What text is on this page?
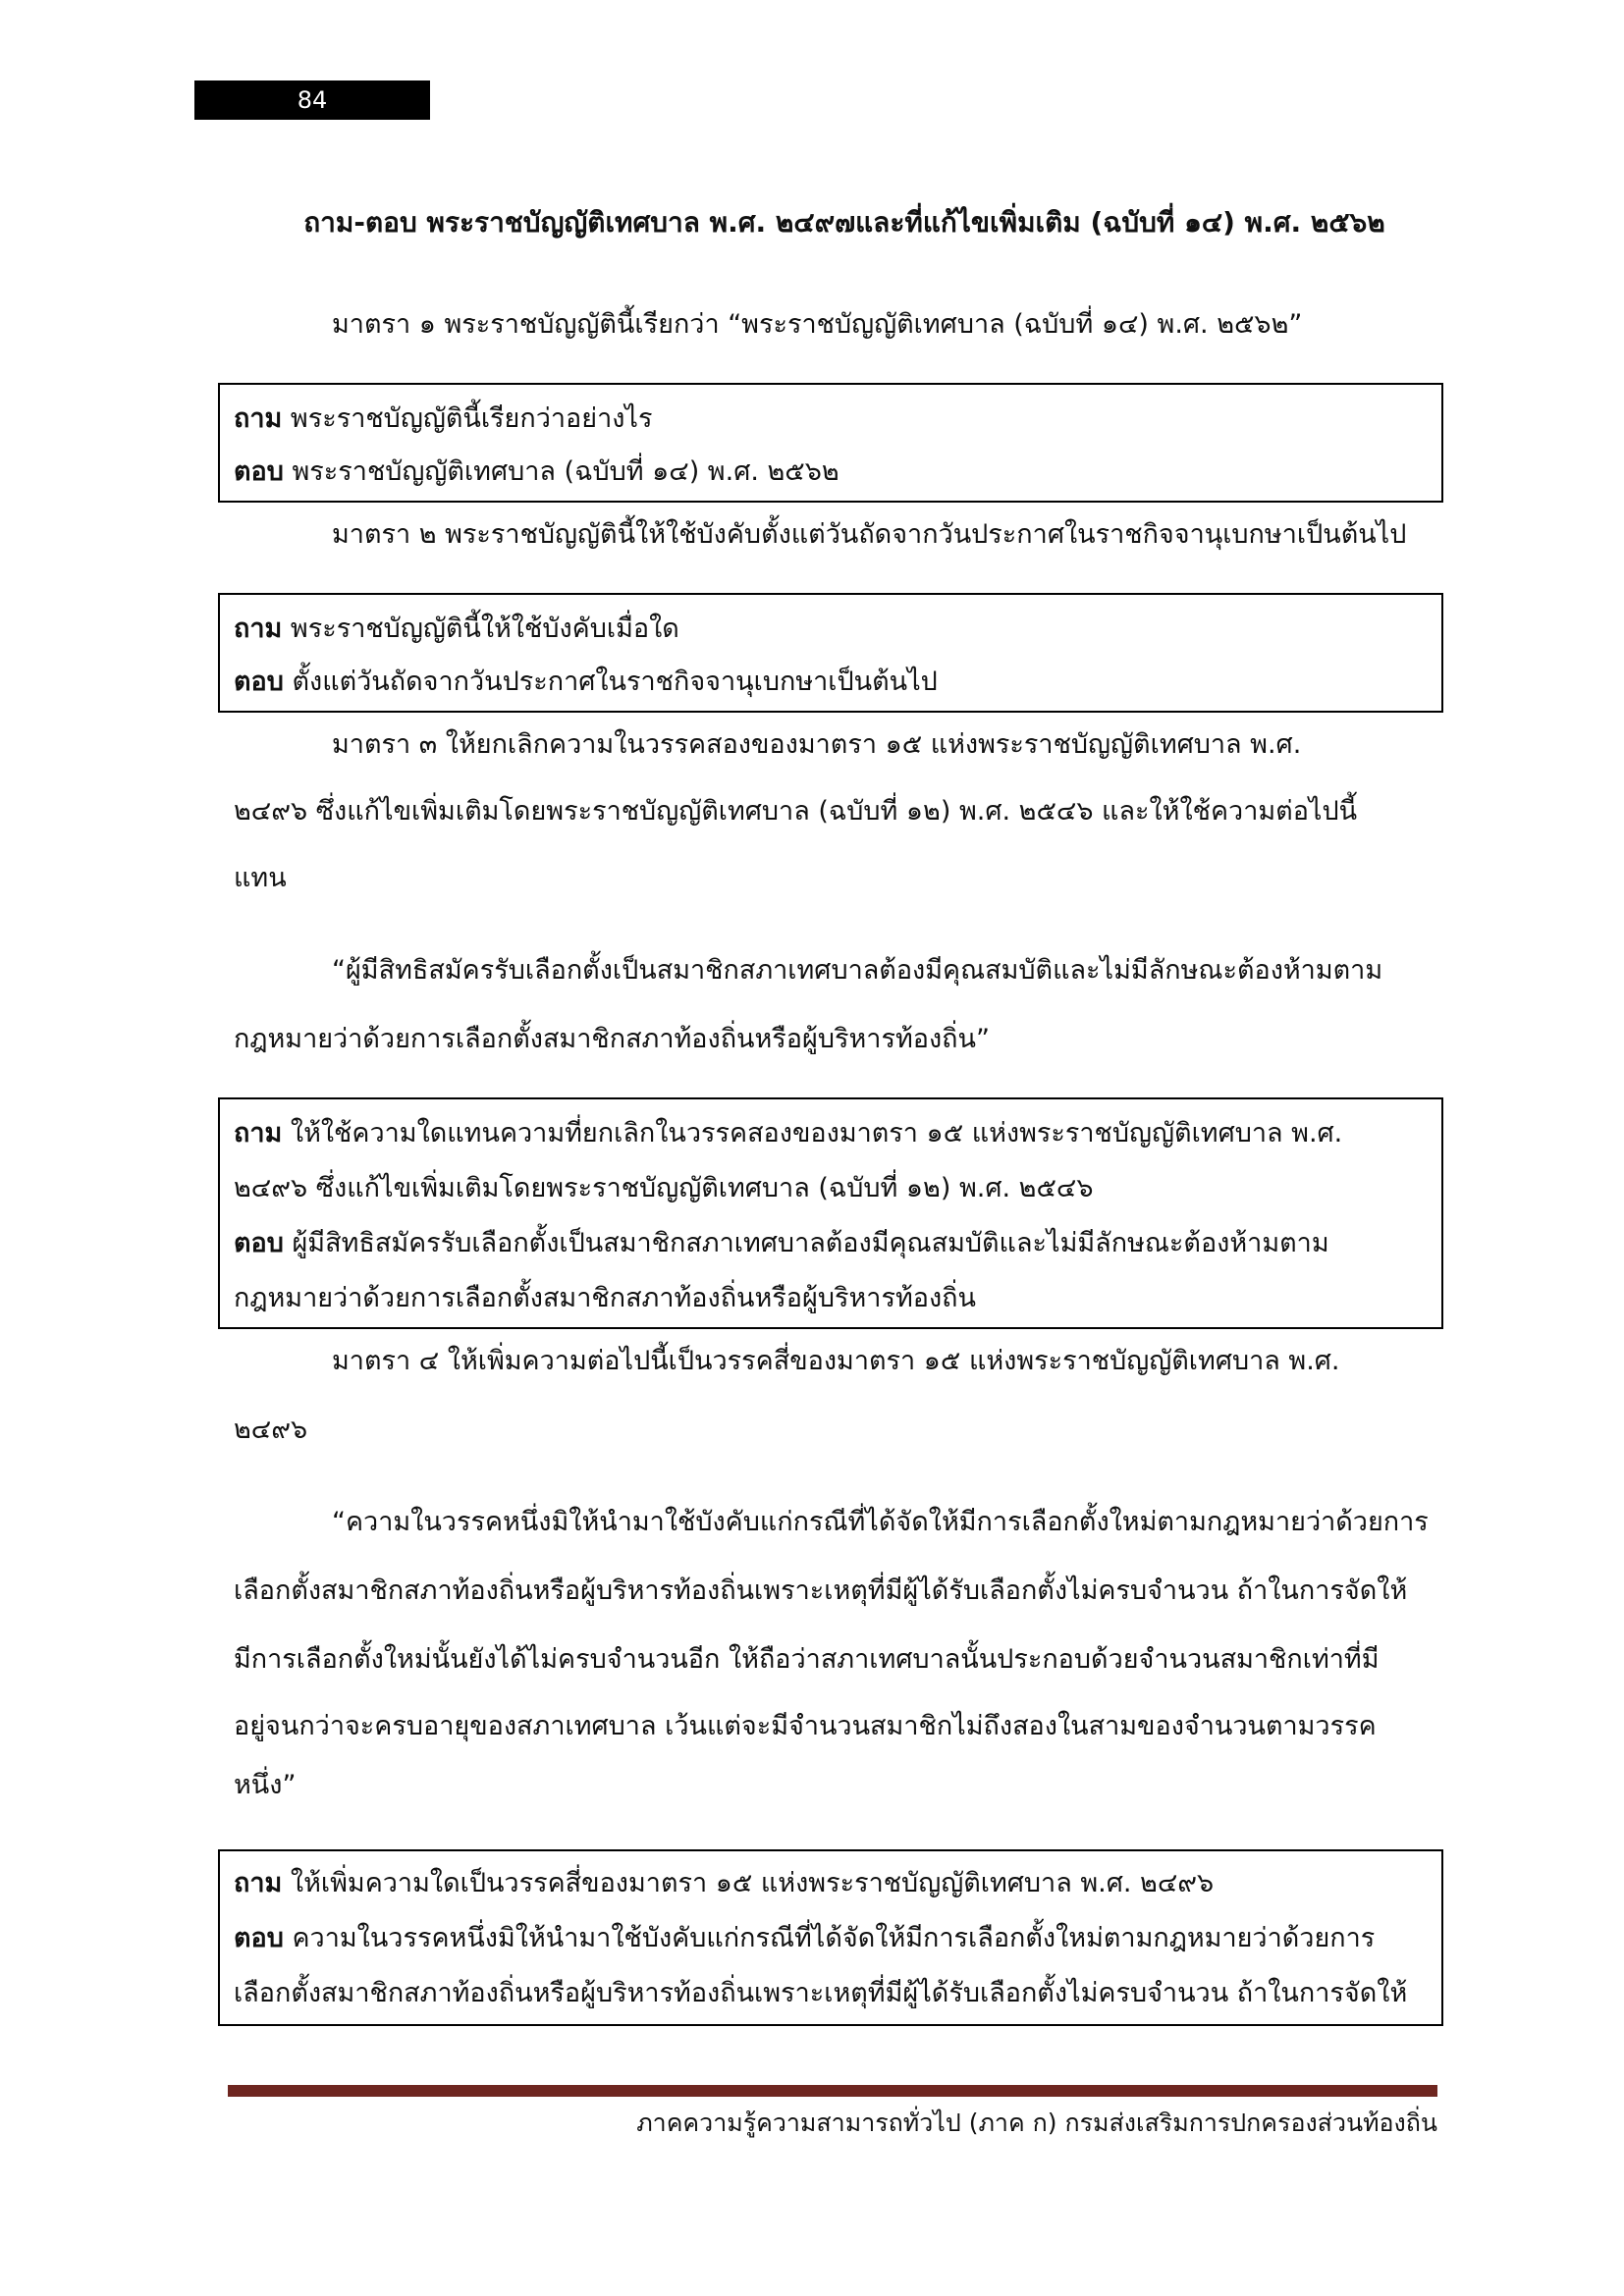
84
ถาม-ตอบ พระราชบัญญัติเทศบาล พ.ศ. ๒๔๙๗และที่แก้ไขเพิ่มเติม (ฉบับที่ ๑๔) พ.ศ. ๒๕๖๒
มาตรา ๑ พระราชบัญญัตินี้เรียกว่า “พระราชบัญญัติเทศบาล (ฉบับที่ ๑๔) พ.ศ. ๒๕๖๒”
ถาม พระราชบัญญัตินี้เรียกว่าอย่างไร
ตอบ พระราชบัญญัติเทศบาล (ฉบับที่ ๑๔) พ.ศ. ๒๕๖๒
มาตรา ๒ พระราชบัญญัตินี้ให้ใช้บังคับตั้งแต่วันถัดจากวันประกาศในราชกิจจานุเบกษาเป็นต้นไป
ถาม พระราชบัญญัตินี้ให้ใช้บังคับเมื่อใด
ตอบ ตั้งแต่วันถัดจากวันประกาศในราชกิจจานุเบกษาเป็นต้นไป
มาตรา ๓ ให้ยกเลิกความในวรรคสองของมาตรา ๑๕ แห่งพระราชบัญญัติเทศบาล พ.ศ.
๒๔๙๖ ซึ่งแก้ไขเพิ่มเติมโดยพระราชบัญญัติเทศบาล (ฉบับที่ ๑๒) พ.ศ. ๒๕๔๖ และให้ใช้ความต่อไปนี้
แทน
“ผู้มีสิทธิสมัครรับเลือกตั้งเป็นสมาชิกสภาเทศบาลต้องมีคุณสมบัติและไม่มีลักษณะต้องห้ามตาม
กฎหมายว่าด้วยการเลือกตั้งสมาชิกสภาท้องถิ่นหรือผู้บริหารท้องถิ่น”
ถาม ให้ใช้ความใดแทนความที่ยกเลิกในวรรคสองของมาตรา ๑๕ แห่งพระราชบัญญัติเทศบาล พ.ศ.
๒๔๙๖ ซึ่งแก้ไขเพิ่มเติมโดยพระราชบัญญัติเทศบาล (ฉบับที่ ๑๒) พ.ศ. ๒๕๔๖
ตอบ ผู้มีสิทธิสมัครรับเลือกตั้งเป็นสมาชิกสภาเทศบาลต้องมีคุณสมบัติและไม่มีลักษณะต้องห้ามตาม
กฎหมายว่าด้วยการเลือกตั้งสมาชิกสภาท้องถิ่นหรือผู้บริหารท้องถิ่น
มาตรา ๔ ให้เพิ่มความต่อไปนี้เป็นวรรคสี่ของมาตรา ๑๕ แห่งพระราชบัญญัติเทศบาล พ.ศ.
๒๔๙๖
“ความในวรรคหนึ่งมิให้นำมาใช้บังคับแก่กรณีที่ได้จัดให้มีการเลือกตั้งใหม่ตามกฎหมายว่าด้วยการ
เลือกตั้งสมาชิกสภาท้องถิ่นหรือผู้บริหารท้องถิ่นเพราะเหตุที่มีผู้ได้รับเลือกตั้งไม่ครบจำนวน ถ้าในการจัดให้
มีการเลือกตั้งใหม่นั้นยังได้ไม่ครบจำนวนอีก ให้ถือว่าสภาเทศบาลนั้นประกอบด้วยจำนวนสมาชิกเท่าที่มี
อยู่จนกว่าจะครบอายุของสภาเทศบาล เว้นแต่จะมีจำนวนสมาชิกไม่ถึงสองในสามของจำนวนตามวรรค
หนึ่ง”
ถาม ให้เพิ่มความใดเป็นวรรคสี่ของมาตรา ๑๕ แห่งพระราชบัญญัติเทศบาล พ.ศ. ๒๔๙๖
ตอบ ความในวรรคหนึ่งมิให้นำมาใช้บังคับแก่กรณีที่ได้จัดให้มีการเลือกตั้งใหม่ตามกฎหมายว่าด้วยการ
เลือกตั้งสมาชิกสภาท้องถิ่นหรือผู้บริหารท้องถิ่นเพราะเหตุที่มีผู้ได้รับเลือกตั้งไม่ครบจำนวน ถ้าในการจัดให้
ภาคความรู้ความสามารถทั่วไป (ภาค ก) กรมส่งเสริมการปกครองส่วนท้องถิ่น
